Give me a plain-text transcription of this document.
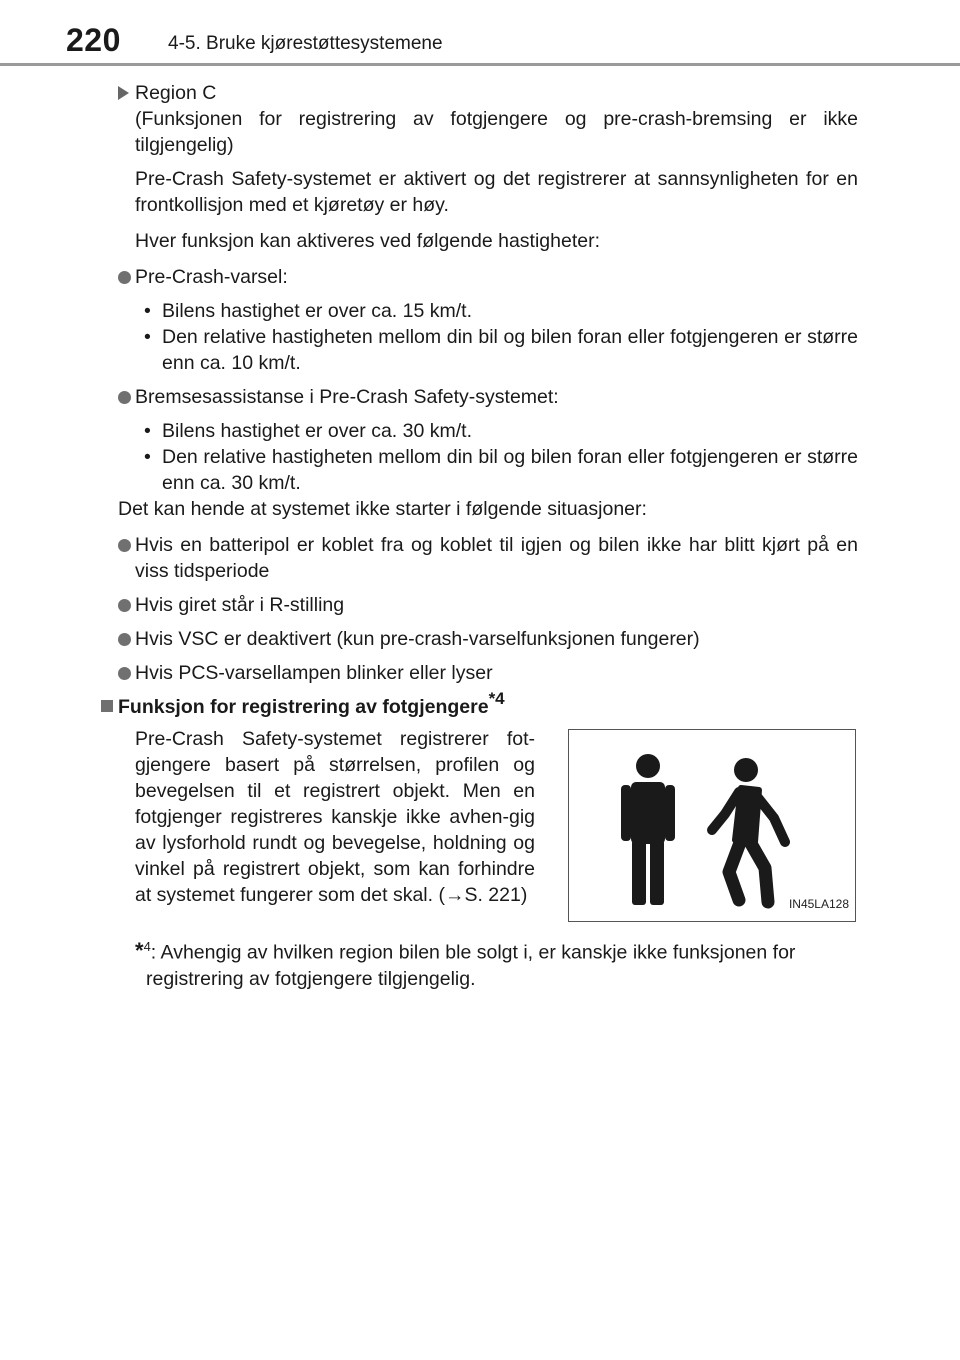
220 4-5. Bruke kjørestøttesystemene
Region C
(Funksjonen for registrering av fotgjengere og pre-crash-bremsing er ikke tilgjengelig)

Pre-Crash Safety-systemet er aktivert og det registrerer at sannsynligheten for en frontkollisjon med et kjøretøy er høy.

Hver funksjon kan aktiveres ved følgende hastigheter:

Pre-Crash-varsel:
• Bilens hastighet er over ca. 15 km/t.
• Den relative hastigheten mellom din bil og bilen foran eller fotgjengeren er større enn ca. 10 km/t.
Bremsesassistanse i Pre-Crash Safety-systemet:
• Bilens hastighet er over ca. 30 km/t.
• Den relative hastigheten mellom din bil og bilen foran eller fotgjengeren er større enn ca. 30 km/t.

Det kan hende at systemet ikke starter i følgende situasjoner:

Hvis en batteripol er koblet fra og koblet til igjen og bilen ikke har blitt kjørt på en viss tidsperiode
Hvis giret står i R-stilling
Hvis VSC er deaktivert (kun pre-crash-varselfunksjonen fungerer)
Hvis PCS-varsellampen blinker eller lyser
Funksjon for registrering av fotgjengere$^{*4}$
Pre-Crash Safety-systemet registrerer fot-gjengere basert på størrelsen, profilen og bevegelsen til et registrert objekt. Men en fotgjenger registreres kanskje ikke avhen-gig av lysforhold rundt og bevegelse, holdning og vinkel på registrert objekt, som kan forhindre at systemet fungerer som det skal. (→S. 221)	IN45LA128
*$^4$: Avhengig av hvilken region bilen ble solgt i, er kanskje ikke funksjonen for
registrering av fotgjengere tilgjengelig.
